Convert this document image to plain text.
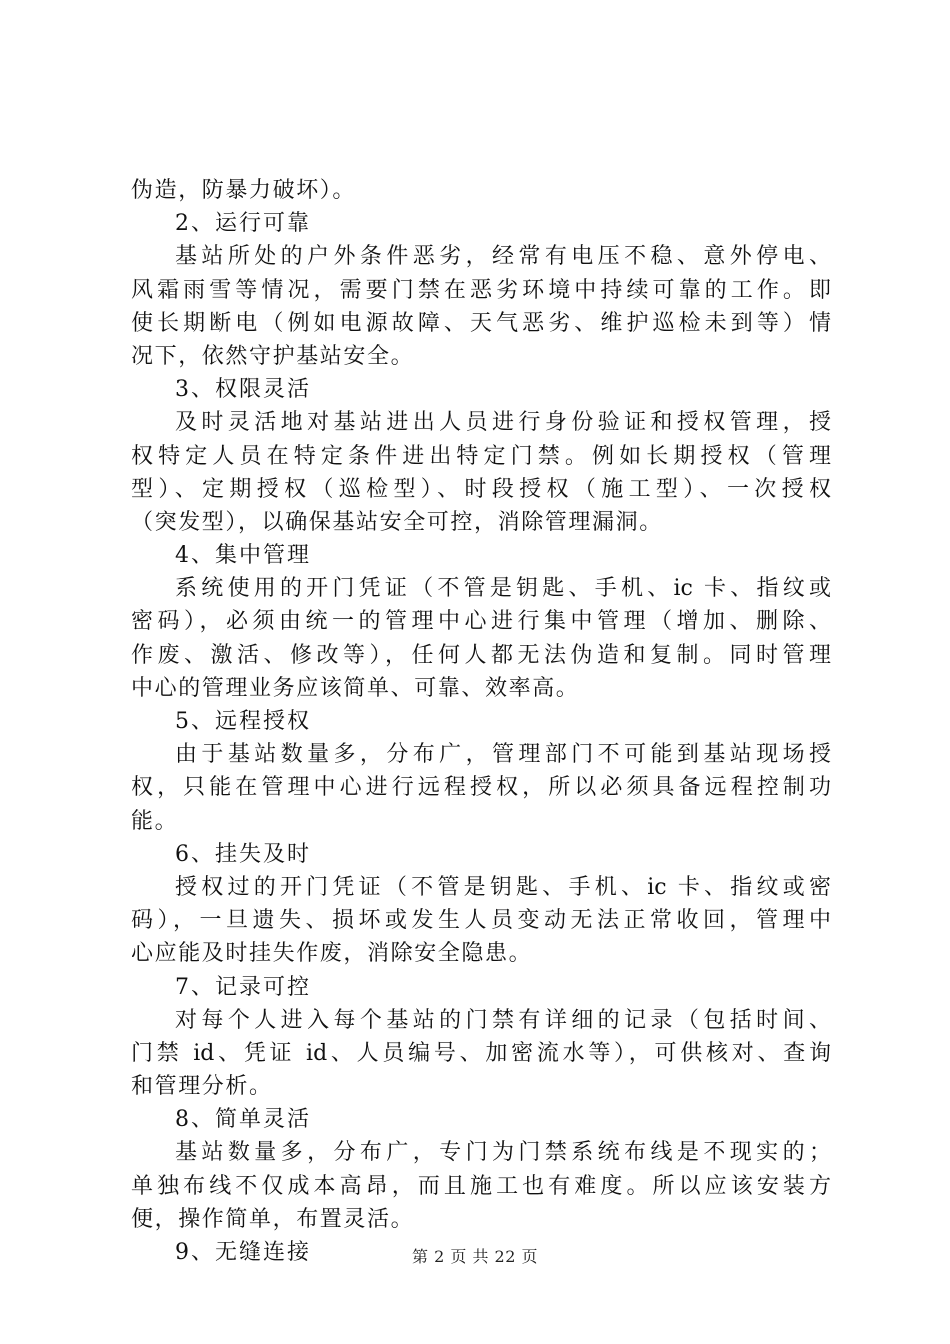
伪造，防暴力破坏）。
2、运行可靠
基站所处的户外条件恶劣，经常有电压不稳、意外停电、
风霜雨雪等情况，需要门禁在恶劣环境中持续可靠的工作。即
使长期断电（例如电源故障、天气恶劣、维护巡检未到等）情
况下，依然守护基站安全。
3、权限灵活
及时灵活地对基站进出人员进行身份验证和授权管理，授
权特定人员在特定条件进出特定门禁。例如长期授权（管理
型）、定期授权（巡检型）、时段授权（施工型）、一次授权
（突发型），以确保基站安全可控，消除管理漏洞。
4、集中管理
系统使用的开门凭证（不管是钥匙、手机、ic 卡、指纹或
密码），必须由统一的管理中心进行集中管理（增加、删除、
作废、激活、修改等），任何人都无法伪造和复制。同时管理
中心的管理业务应该简单、可靠、效率高。
5、远程授权
由于基站数量多，分布广，管理部门不可能到基站现场授
权，只能在管理中心进行远程授权，所以必须具备远程控制功
能。
6、挂失及时
授权过的开门凭证（不管是钥匙、手机、ic 卡、指纹或密
码），一旦遗失、损坏或发生人员变动无法正常收回，管理中
心应能及时挂失作废，消除安全隐患。
7、记录可控
对每个人进入每个基站的门禁有详细的记录（包括时间、
门禁 id、凭证 id、人员编号、加密流水等），可供核对、查询
和管理分析。
8、简单灵活
基站数量多，分布广，专门为门禁系统布线是不现实的；
单独布线不仅成本高昂，而且施工也有难度。所以应该安装方
便，操作简单，布置灵活。
9、无缝连接	第 2 页 共 22 页
